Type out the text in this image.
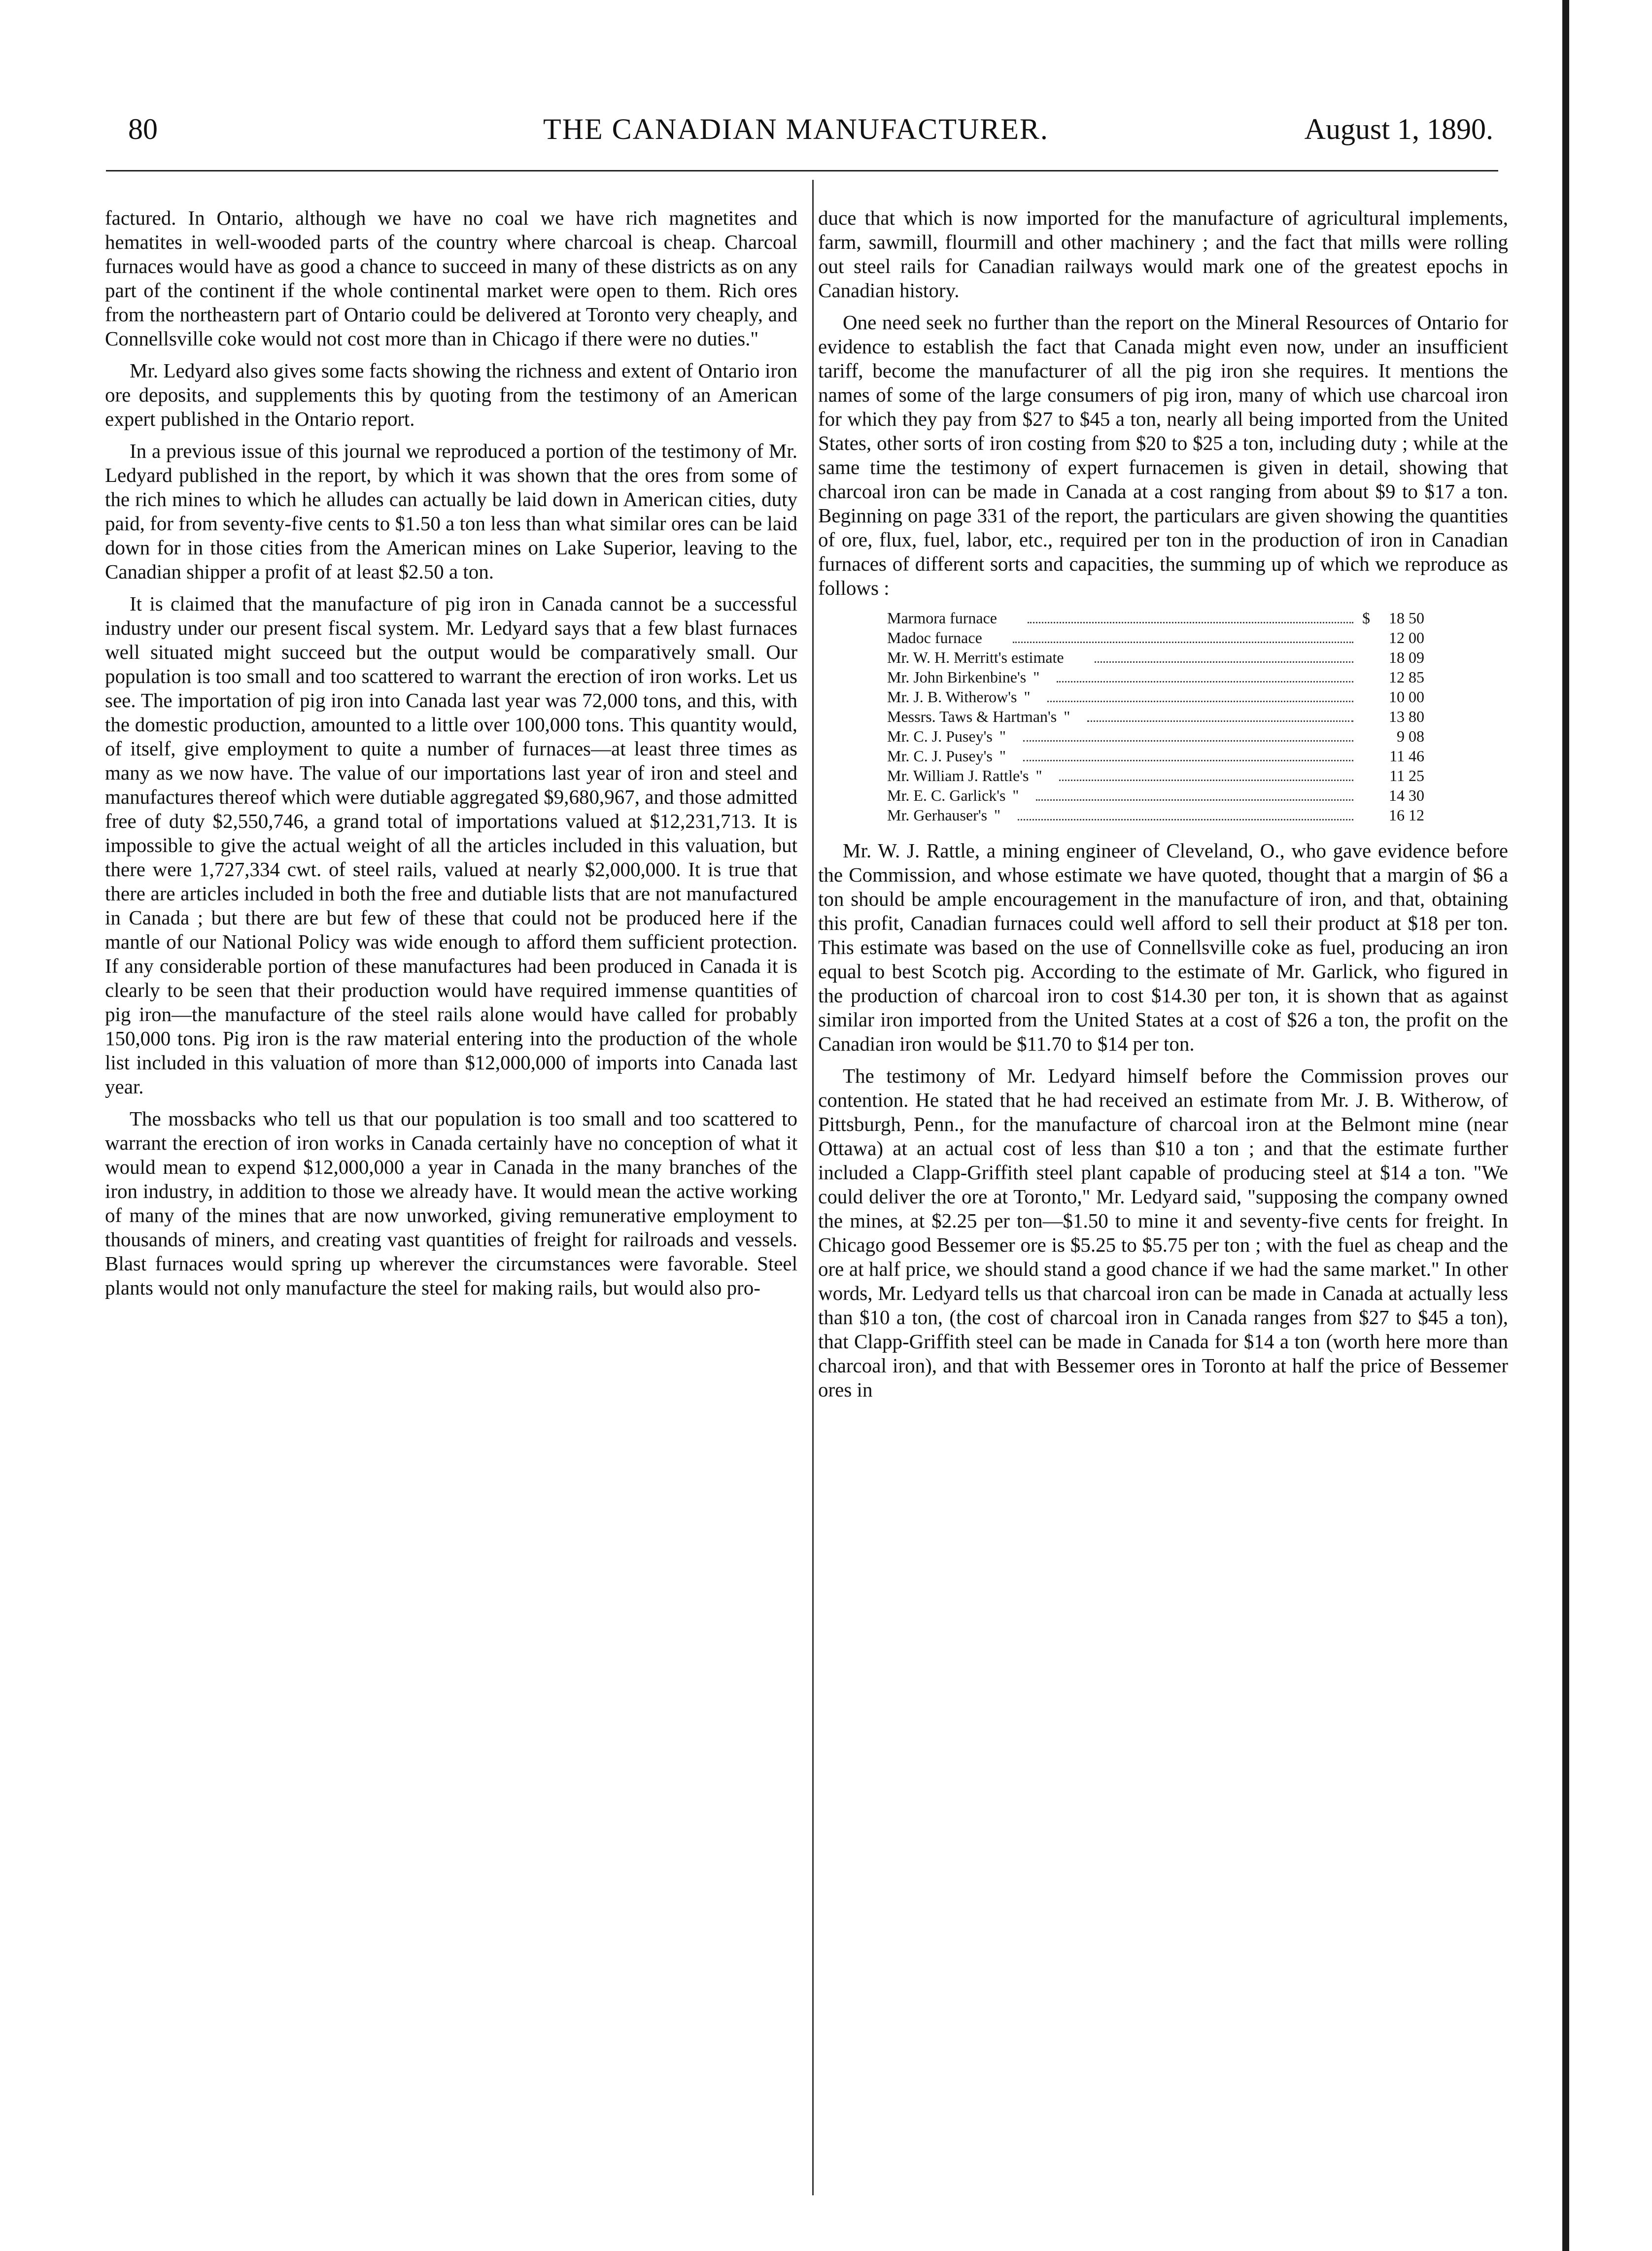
80	THE CANADIAN MANUFACTURER.	August 1, 1890.

factured. In Ontario, although we have no coal we have rich magnetites and hematites in well-wooded parts of the country where charcoal is cheap. Charcoal furnaces would have as good a chance to succeed in many of these districts as on any part of the continent if the whole continental market were open to them. Rich ores from the northeastern part of Ontario could be delivered at Toronto very cheaply, and Connellsville coke would not cost more than in Chicago if there were no duties."

Mr. Ledyard also gives some facts showing the richness and extent of Ontario iron ore deposits, and supplements this by quoting from the testimony of an American expert published in the Ontario report.

In a previous issue of this journal we reproduced a portion of the testimony of Mr. Ledyard published in the report, by which it was shown that the ores from some of the rich mines to which he alludes can actually be laid down in American cities, duty paid, for from seventy-five cents to $1.50 a ton less than what similar ores can be laid down for in those cities from the American mines on Lake Superior, leaving to the Canadian shipper a profit of at least $2.50 a ton.

It is claimed that the manufacture of pig iron in Canada cannot be a successful industry under our present fiscal system. Mr. Ledyard says that a few blast furnaces well situated might succeed but the output would be comparatively small. Our population is too small and too scattered to warrant the erection of iron works. Let us see. The importation of pig iron into Canada last year was 72,000 tons, and this, with the domestic production, amounted to a little over 100,000 tons. This quantity would, of itself, give employment to quite a number of furnaces—at least three times as many as we now have. The value of our importations last year of iron and steel and manufactures thereof which were dutiable aggregated $9,680,967, and those admitted free of duty $2,550,746, a grand total of importations valued at $12,231,713. It is impossible to give the actual weight of all the articles included in this valuation, but there were 1,727,334 cwt. of steel rails, valued at nearly $2,000,000. It is true that there are articles included in both the free and dutiable lists that are not manufactured in Canada ; but there are but few of these that could not be produced here if the mantle of our National Policy was wide enough to afford them sufficient protection. If any considerable portion of these manufactures had been produced in Canada it is clearly to be seen that their production would have required immense quantities of pig iron—the manufacture of the steel rails alone would have called for probably 150,000 tons. Pig iron is the raw material entering into the production of the whole list included in this valuation of more than $12,000,000 of imports into Canada last year.

The mossbacks who tell us that our population is too small and too scattered to warrant the erection of iron works in Canada certainly have no conception of what it would mean to expend $12,000,000 a year in Canada in the many branches of the iron industry, in addition to those we already have. It would mean the active working of many of the mines that are now unworked, giving remunerative employment to thousands of miners, and creating vast quantities of freight for railroads and vessels. Blast furnaces would spring up wherever the circumstances were favorable. Steel plants would not only manufacture the steel for making rails, but would also pro-

duce that which is now imported for the manufacture of agricultural implements, farm, sawmill, flourmill and other machinery ; and the fact that mills were rolling out steel rails for Canadian railways would mark one of the greatest epochs in Canadian history.

One need seek no further than the report on the Mineral Resources of Ontario for evidence to establish the fact that Canada might even now, under an insufficient tariff, become the manufacturer of all the pig iron she requires. It mentions the names of some of the large consumers of pig iron, many of which use charcoal iron for which they pay from $27 to $45 a ton, nearly all being imported from the United States, other sorts of iron costing from $20 to $25 a ton, including duty ; while at the same time the testimony of expert furnacemen is given in detail, showing that charcoal iron can be made in Canada at a cost ranging from about $9 to $17 a ton. Beginning on page 331 of the report, the particulars are given showing the quantities of ore, flux, fuel, labor, etc., required per ton in the production of iron in Canadian furnaces of different sorts and capacities, the summing up of which we reproduce as follows :

Marmora furnace	$	18 50
Madoc furnace	12 00
Mr. W. H. Merritt's estimate	18 09
Mr. John Birkenbine's "	12 85
Mr. J. B. Witherow's "	10 00
Messrs. Taws & Hartman's "	13 80
Mr. C. J. Pusey's "	9 08
Mr. C. J. Pusey's "	11 46
Mr. William J. Rattle's "	11 25
Mr. E. C. Garlick's "	14 30
Mr. Gerhauser's "	16 12

Mr. W. J. Rattle, a mining engineer of Cleveland, O., who gave evidence before the Commission, and whose estimate we have quoted, thought that a margin of $6 a ton should be ample encouragement in the manufacture of iron, and that, obtaining this profit, Canadian furnaces could well afford to sell their product at $18 per ton. This estimate was based on the use of Connellsville coke as fuel, producing an iron equal to best Scotch pig. According to the estimate of Mr. Garlick, who figured in the production of charcoal iron to cost $14.30 per ton, it is shown that as against similar iron imported from the United States at a cost of $26 a ton, the profit on the Canadian iron would be $11.70 to $14 per ton.

The testimony of Mr. Ledyard himself before the Commission proves our contention. He stated that he had received an estimate from Mr. J. B. Witherow, of Pittsburgh, Penn., for the manufacture of charcoal iron at the Belmont mine (near Ottawa) at an actual cost of less than $10 a ton ; and that the estimate further included a Clapp-Griffith steel plant capable of producing steel at $14 a ton. "We could deliver the ore at Toronto," Mr. Ledyard said, "supposing the company owned the mines, at $2.25 per ton—$1.50 to mine it and seventy-five cents for freight. In Chicago good Bessemer ore is $5.25 to $5.75 per ton ; with the fuel as cheap and the ore at half price, we should stand a good chance if we had the same market." In other words, Mr. Ledyard tells us that charcoal iron can be made in Canada at actually less than $10 a ton, (the cost of charcoal iron in Canada ranges from $27 to $45 a ton), that Clapp-Griffith steel can be made in Canada for $14 a ton (worth here more than charcoal iron), and that with Bessemer ores in Toronto at half the price of Bessemer ores in
